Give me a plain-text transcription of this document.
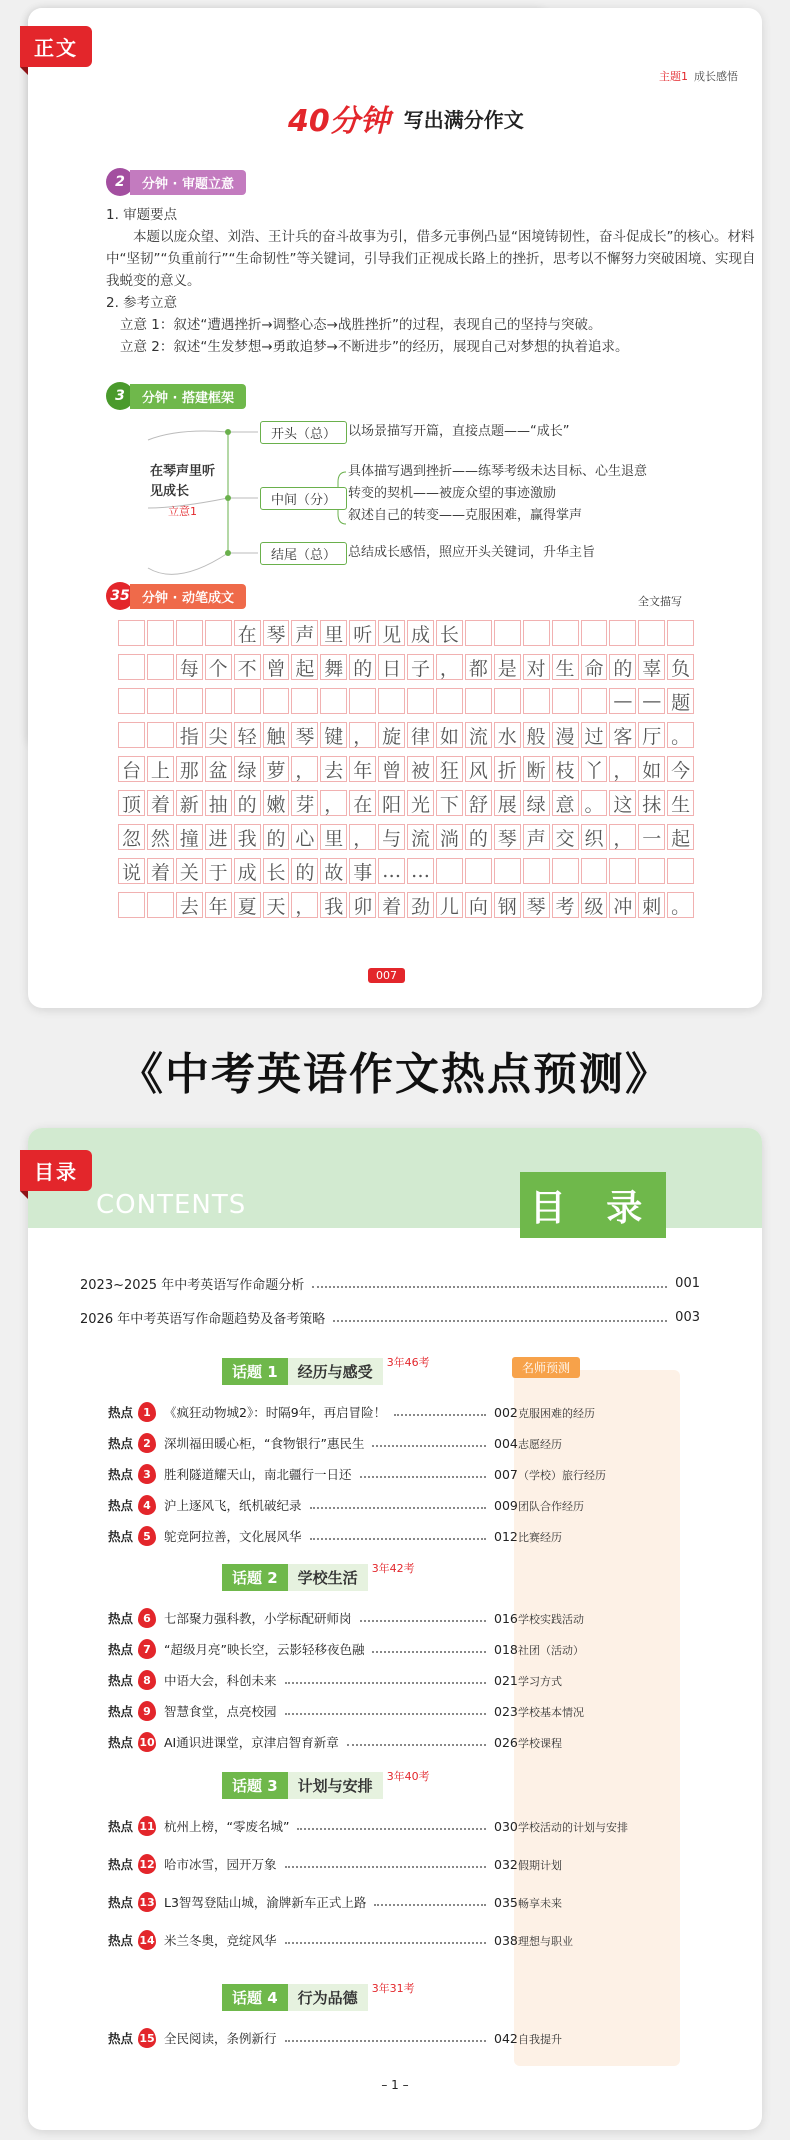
主题1 成长感悟
40分钟 写出满分作文
2	分钟 · 审题立意
1. 审题要点
本题以庞众望、刘浩、王计兵的奋斗故事为引，借多元事例凸显“困境铸韧性，奋斗促成长”的核心。材料中“坚韧”“负重前行”“生命韧性”等关键词，引导我们正视成长路上的挫折，思考以不懈努力突破困境、实现自我蜕变的意义。
2. 参考立意
立意 1：叙述“遭遇挫折→调整心态→战胜挫折”的过程，表现自己的坚持与突破。
立意 2：叙述“生发梦想→勇敢追梦→不断进步”的经历，展现自己对梦想的执着追求。
3	分钟 · 搭建框架
在琴声里听见成长
立意1
开头（总） 以场景描写开篇，直接点题——“成长”
中间（分）
具体描写遇到挫折——练琴考级未达目标、心生退意
转变的契机——被庞众望的事迹激励
叙述自己的转变——克服困难，赢得掌声
结尾（总） 总结成长感悟，照应开头关键词，升华主旨
35 分钟 · 动笔成文	全文描写
在 琴 声 里 听 见 成 长
每 个 不 曾 起 舞 的 日 子 ， 都 是 对 生 命 的 辜 负
— — 题
指 尖 轻 触 琴 键 ， 旋 律 如 流 水 般 漫 过 客 厅 。
台 上 那 盆 绿 萝 ， 去 年 曾 被 狂 风 折 断 枝 丫 ， 如 今
顶 着 新 抽 的 嫩 芽 ， 在 阳 光 下 舒 展 绿 意 。 这 抹 生
忽 然 撞 进 我 的 心 里 ， 与 流 淌 的 琴 声 交 织 ， 一 起
说 着 关 于 成 长 的 故 事 … …
去 年 夏 天 ， 我 卯 着 劲 儿 向 钢 琴 考 级 冲 刺 。
007
正文
《中考英语作文热点预测》
CONTENTS	目 录
目录
2023~2025 年中考英语写作命题分析	001
2026 年中考英语写作命题趋势及备考策略	003
名师预测
话题 1	经历与感受
3年46考
热点 1	《疯狂动物城2》：时隔9年，再启冒险！	002 克服困难的经历
热点 2	深圳福田暖心柜，“食物银行”惠民生	004 志愿经历
热点 3	胜利隧道耀天山，南北疆行一日还	007 （学校）旅行经历
热点 4	沪上逐风飞，纸机破纪录	009 团队合作经历
热点 5	鸵竞阿拉善，文化展风华	012 比赛经历
话题 2	学校生活
3年42考
热点 6	七部聚力强科教，小学标配研师岗	016 学校实践活动
热点 7	“超级月亮”映长空，云影轻移夜色融	018 社团（活动）
热点 8	中语大会，科创未来	021 学习方式
热点 9	智慧食堂，点亮校园	023 学校基本情况
热点 10 AI通识进课堂，京津启智育新章	026 学校课程
话题 3	计划与安排
3年40考
热点 11 杭州上榜，“零废名城”	030 学校活动的计划与安排
热点 12 哈市冰雪，园开万象	032 假期计划
热点 13 L3智驾登陆山城，渝牌新车正式上路	035 畅享未来
热点 14 米兰冬奥，竞绽风华	038 理想与职业
话题 4	行为品德
3年31考
热点 15 全民阅读，条例新行	042 自我提升
– 1 –
